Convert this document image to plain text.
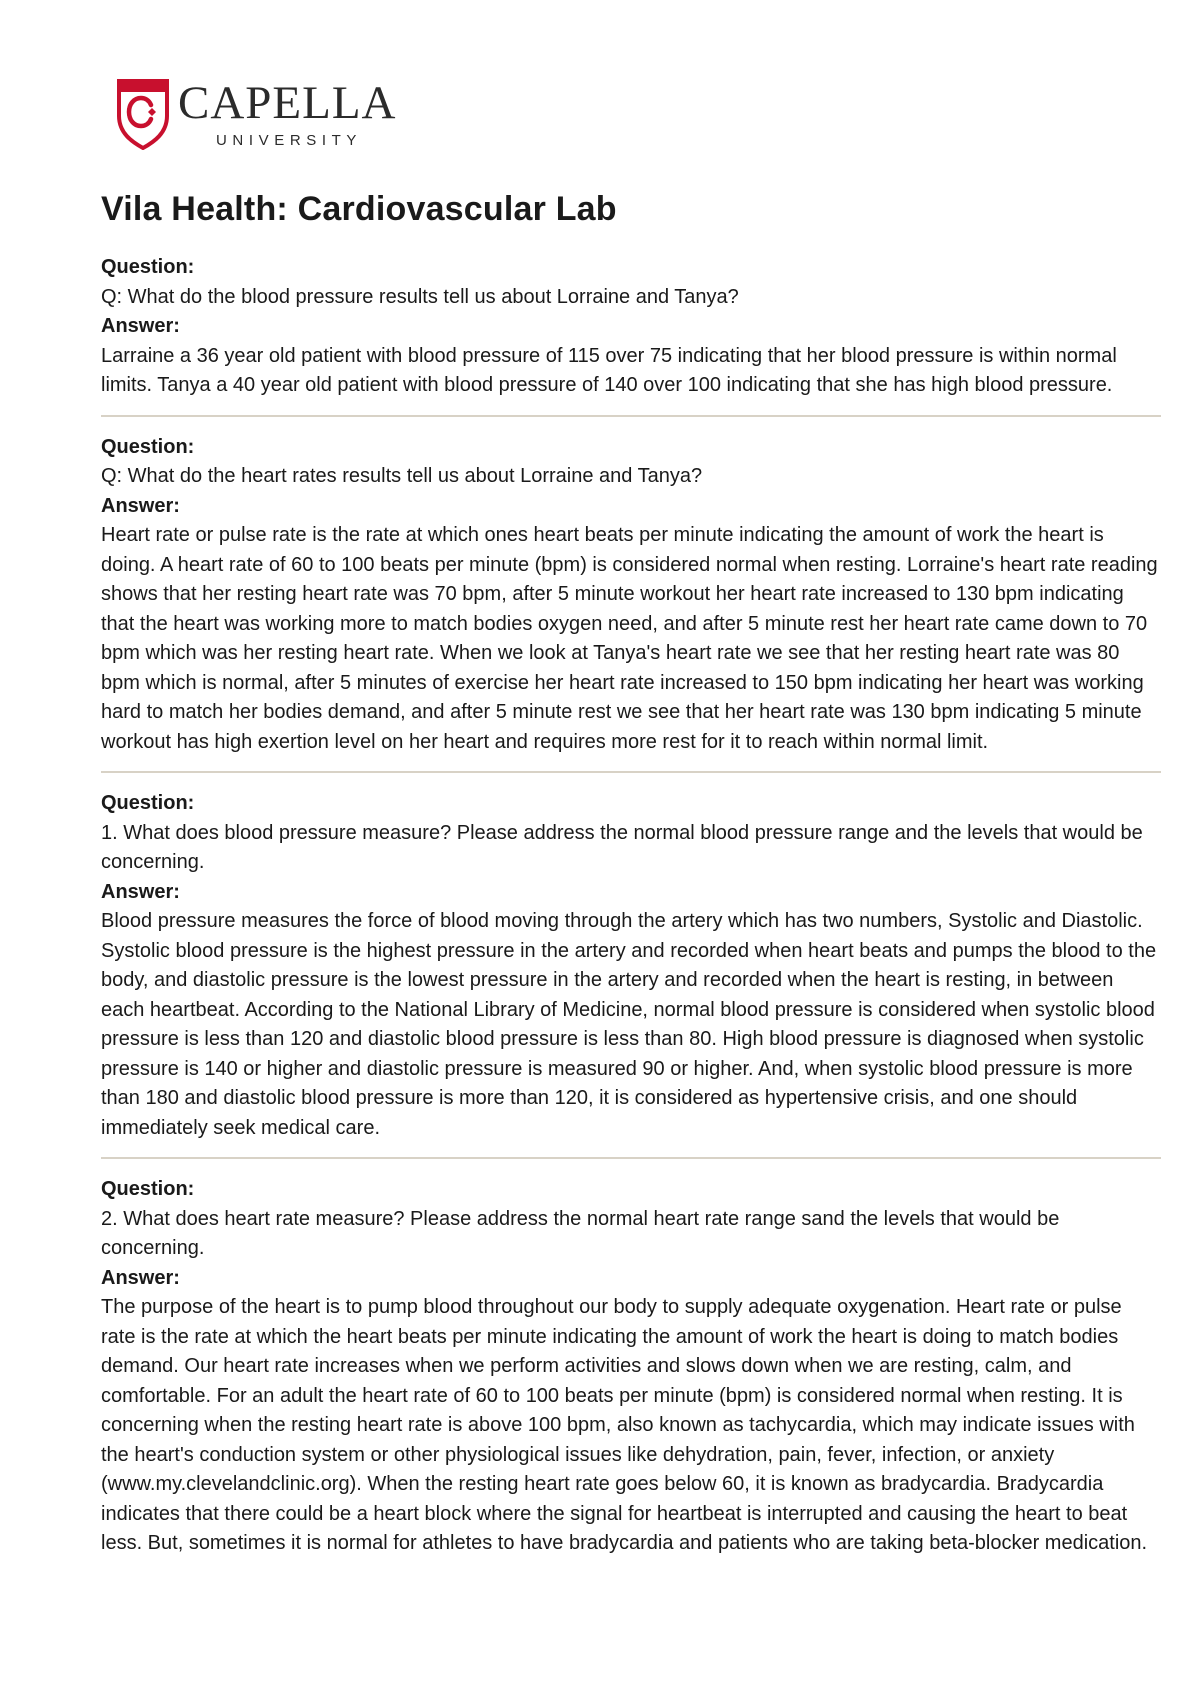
CAPELLA
UNIVERSITY
Vila Health: Cardiovascular Lab
Question:

Q: What do the blood pressure results tell us about Lorraine and Tanya?

Answer:

Larraine a 36 year old patient with blood pressure of 115 over 75 indicating that her blood pressure is within normal limits. Tanya a 40 year old patient with blood pressure of 140 over 100 indicating that she has high blood pressure.

Question:

Q: What do the heart rates results tell us about Lorraine and Tanya?

Answer:

Heart rate or pulse rate is the rate at which ones heart beats per minute indicating the amount of work the heart is doing. A heart rate of 60 to 100 beats per minute (bpm) is considered normal when resting. Lorraine's heart rate reading shows that her resting heart rate was 70 bpm, after 5 minute workout her heart rate increased to 130 bpm indicating that the heart was working more to match bodies oxygen need, and after 5 minute rest her heart rate came down to 70 bpm which was her resting heart rate. When we look at Tanya's heart rate we see that her resting heart rate was 80 bpm which is normal, after 5 minutes of exercise her heart rate increased to 150 bpm indicating her heart was working hard to match her bodies demand, and after 5 minute rest we see that her heart rate was 130 bpm indicating 5 minute workout has high exertion level on her heart and requires more rest for it to reach within normal limit.

Question:

1. What does blood pressure measure? Please address the normal blood pressure range and the levels that would be concerning.

Answer:

Blood pressure measures the force of blood moving through the artery which has two numbers, Systolic and Diastolic. Systolic blood pressure is the highest pressure in the artery and recorded when heart beats and pumps the blood to the body, and diastolic pressure is the lowest pressure in the artery and recorded when the heart is resting, in between each heartbeat. According to the National Library of Medicine, normal blood pressure is considered when systolic blood pressure is less than 120 and diastolic blood pressure is less than 80. High blood pressure is diagnosed when systolic pressure is 140 or higher and diastolic pressure is measured 90 or higher. And, when systolic blood pressure is more than 180 and diastolic blood pressure is more than 120, it is considered as hypertensive crisis, and one should immediately seek medical care.

Question:

2. What does heart rate measure? Please address the normal heart rate range sand the levels that would be concerning.

Answer:

The purpose of the heart is to pump blood throughout our body to supply adequate oxygenation. Heart rate or pulse rate is the rate at which the heart beats per minute indicating the amount of work the heart is doing to match bodies demand. Our heart rate increases when we perform activities and slows down when we are resting, calm, and comfortable. For an adult the heart rate of 60 to 100 beats per minute (bpm) is considered normal when resting. It is concerning when the resting heart rate is above 100 bpm, also known as tachycardia, which may indicate issues with the heart's conduction system or other physiological issues like dehydration, pain, fever, infection, or anxiety (www.my.clevelandclinic.org). When the resting heart rate goes below 60, it is known as bradycardia. Bradycardia indicates that there could be a heart block where the signal for heartbeat is interrupted and causing the heart to beat less. But, sometimes it is normal for athletes to have bradycardia and patients who are taking beta-blocker medication.
